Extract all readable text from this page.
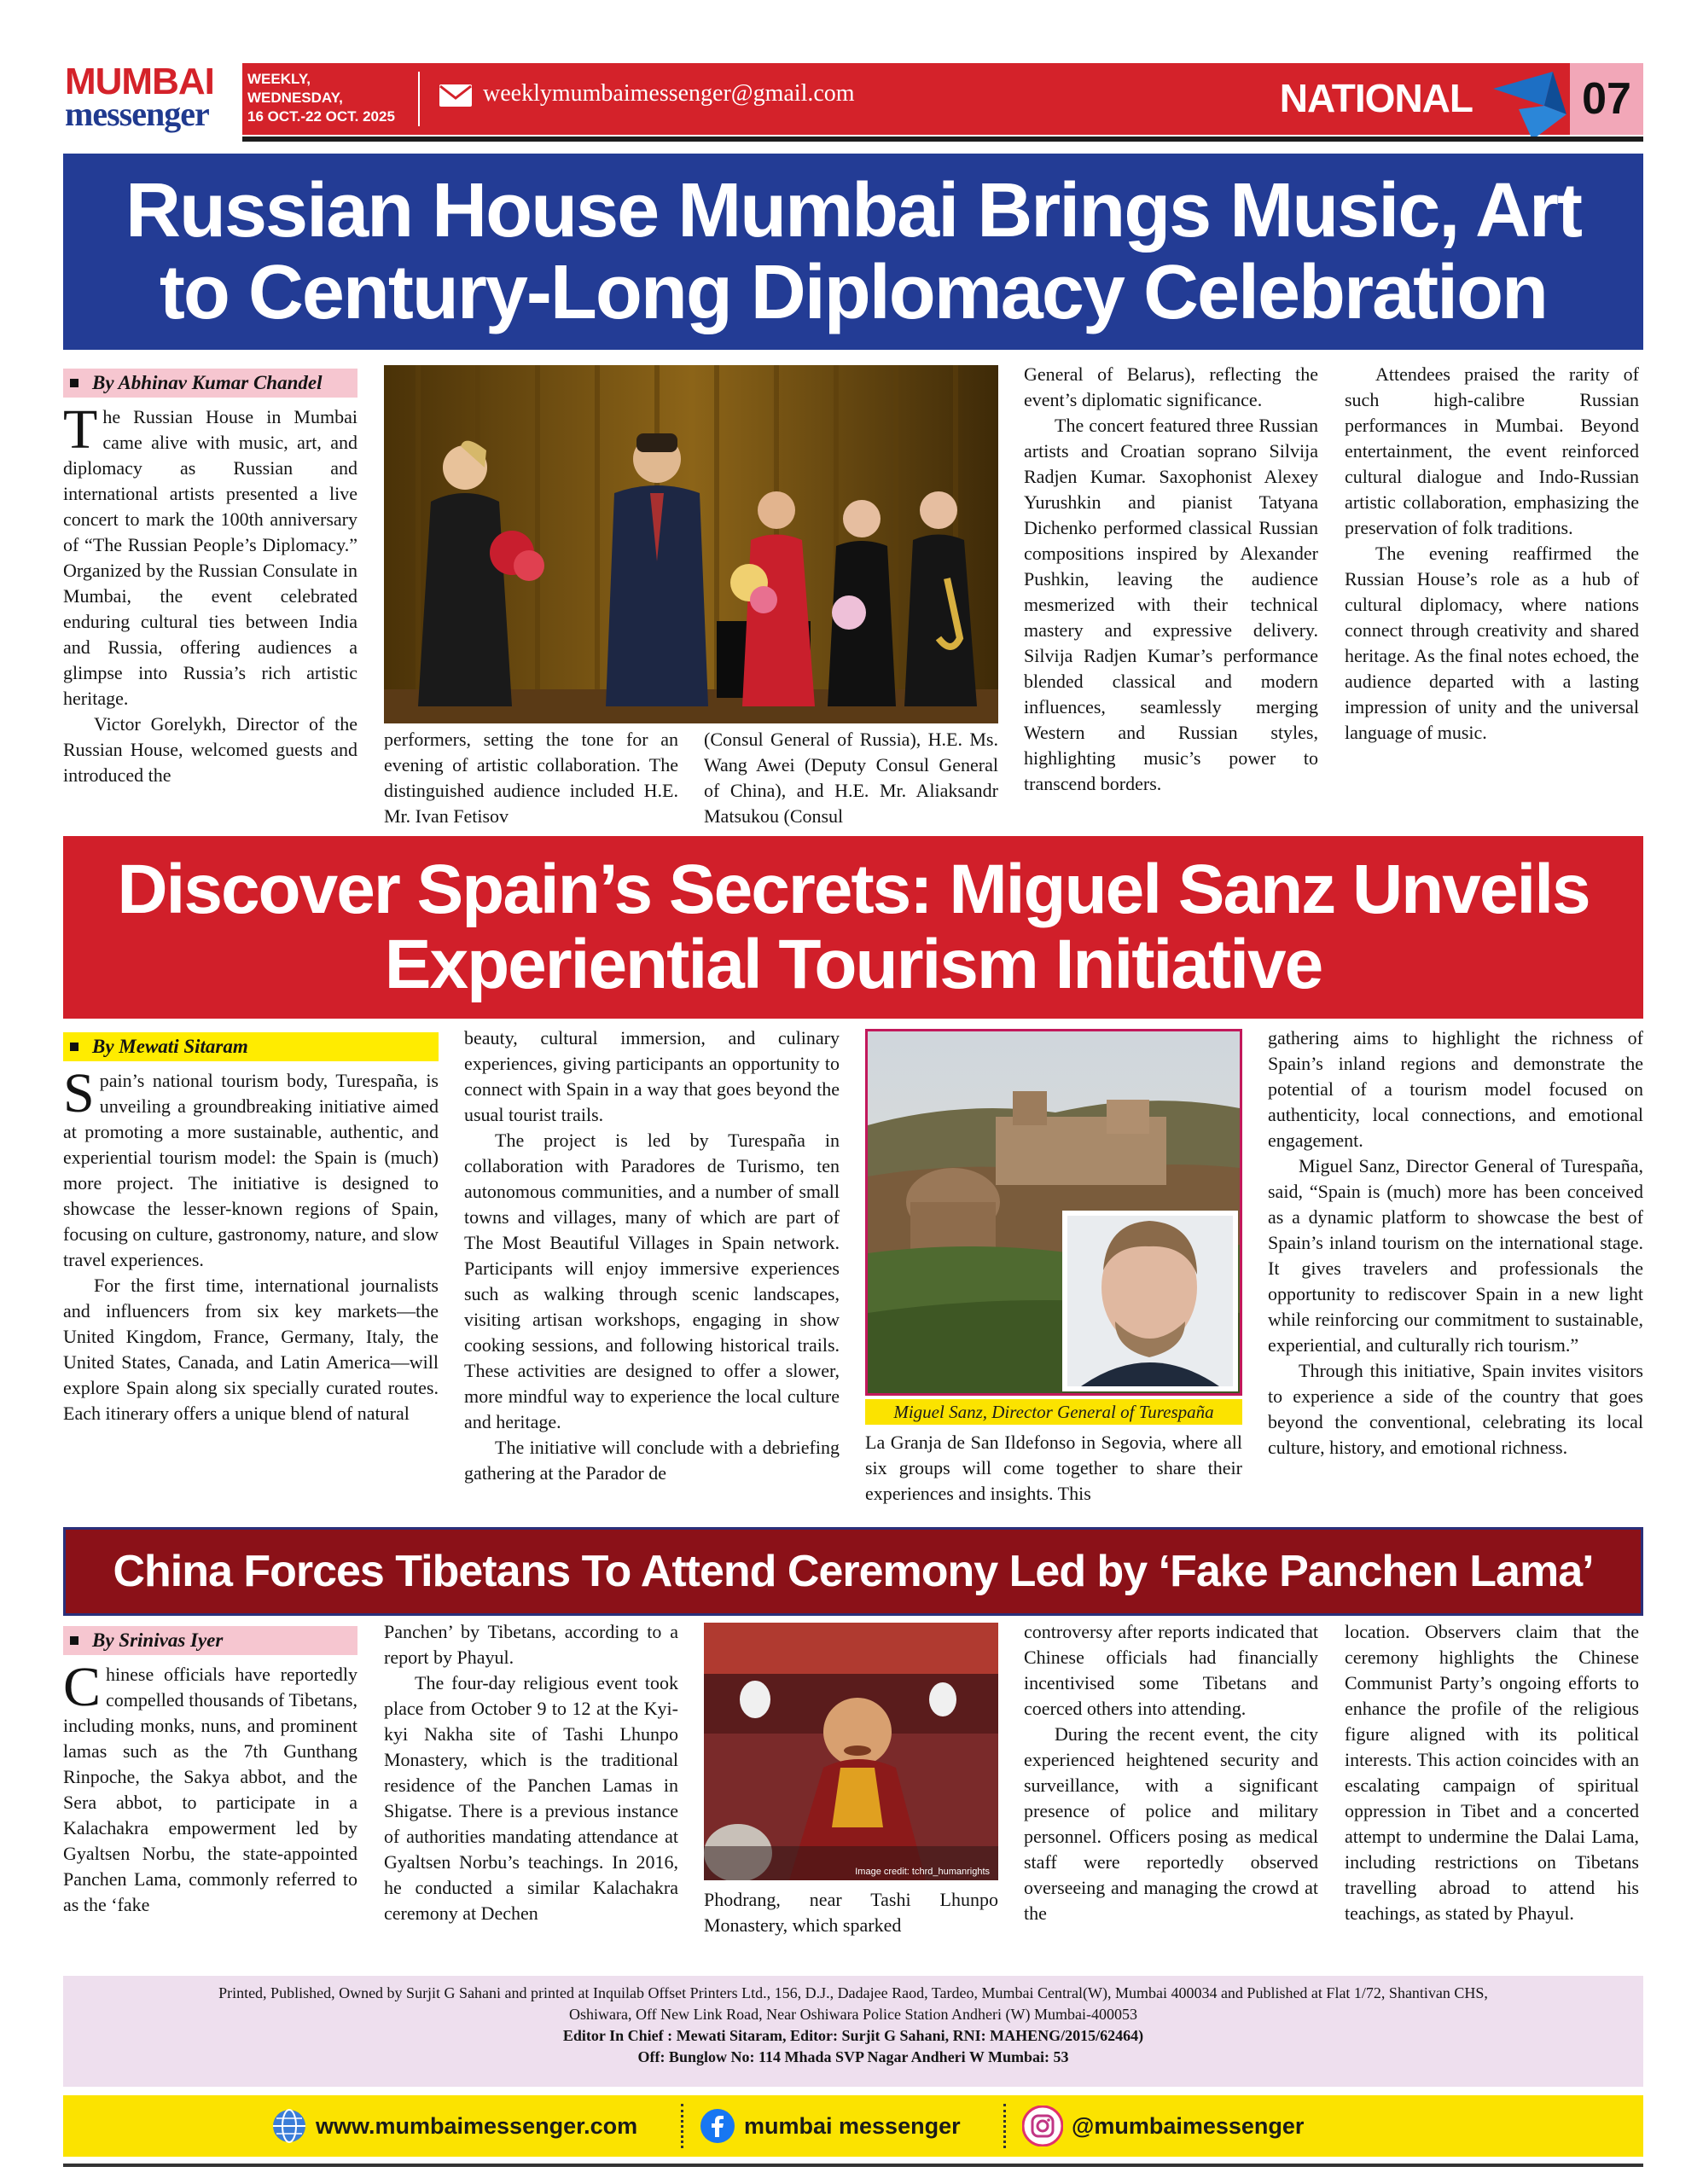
MUMBAI
messenger
WEEKLY, WEDNESDAY,
16 OCT.-22 OCT. 2025
weeklymumbaimessenger@gmail.com	NATIONAL 07
Russian House Mumbai Brings Music, Art
to Century-Long Diplomacy Celebration
By Abhinav Kumar Chandel

The Russian House in Mumbai came alive with music, art, and diplomacy as Russian and international artists presented a live concert to mark the 100th anniversary of “The Russian People’s Diplomacy.” Organized by the Russian Consulate in Mumbai, the event celebrated enduring cultural ties between India and Russia, offering audiences a glimpse into Russia’s rich artistic heritage.

Victor Gorelykh, Director of the Russian House, welcomed guests and introduced the

performers, setting the tone for an evening of artistic collaboration. The distinguished audience included H.E. Mr. Ivan Fetisov

(Consul General of Russia), H.E. Ms. Wang Awei (Deputy Consul General of China), and H.E. Mr. Aliaksandr Matsukou (Consul

General of Belarus), reflecting the event’s diplomatic significance.

The concert featured three Russian artists and Croatian soprano Silvija Radjen Kumar. Saxophonist Alexey Yurushkin and pianist Tatyana Dichenko performed classical Russian compositions inspired by Alexander Pushkin, leaving the audience mesmerized with their technical mastery and expressive delivery. Silvija Radjen Kumar’s performance blended classical and modern influences, seamlessly merging Western and Russian styles, highlighting music’s power to transcend borders.

Attendees praised the rarity of such high-calibre Russian performances in Mumbai. Beyond entertainment, the event reinforced cultural dialogue and Indo-Russian artistic collaboration, emphasizing the preservation of folk traditions.

The evening reaffirmed the Russian House’s role as a hub of cultural diplomacy, where nations connect through creativity and shared heritage. As the final notes echoed, the audience departed with a lasting impression of unity and the universal language of music.

Discover Spain’s Secrets: Miguel Sanz Unveils
Experiential Tourism Initiative
By Mewati Sitaram

Spain’s national tourism body, Turespaña, is unveiling a groundbreaking initiative aimed at promoting a more sustainable, authentic, and experiential tourism model: the Spain is (much) more project. The initiative is designed to showcase the lesser-known regions of Spain, focusing on culture, gastronomy, nature, and slow travel experiences.

For the first time, international journalists and influencers from six key markets—the United Kingdom, France, Germany, Italy, the United States, Canada, and Latin America—will explore Spain along six specially curated routes. Each itinerary offers a unique blend of natural

beauty, cultural immersion, and culinary experiences, giving participants an opportunity to connect with Spain in a way that goes beyond the usual tourist trails.

The project is led by Turespaña in collaboration with Paradores de Turismo, ten autonomous communities, and a number of small towns and villages, many of which are part of The Most Beautiful Villages in Spain network. Participants will enjoy immersive experiences such as walking through scenic landscapes, visiting artisan workshops, engaging in show cooking sessions, and following historical trails. These activities are designed to offer a slower, more mindful way to experience the local culture and heritage.

The initiative will conclude with a debriefing gathering at the Parador de

Miguel Sanz, Director General of Turespaña

La Granja de San Ildefonso in Segovia, where all six groups will come together to share their experiences and insights. This

gathering aims to highlight the richness of Spain’s inland regions and demonstrate the potential of a tourism model focused on authenticity, local connections, and emotional engagement.

Miguel Sanz, Director General of Turespaña, said, “Spain is (much) more has been conceived as a dynamic platform to showcase the best of Spain’s inland tourism on the international stage. It gives travelers and professionals the opportunity to rediscover Spain in a new light while reinforcing our commitment to sustainable, experiential, and culturally rich tourism.”

Through this initiative, Spain invites visitors to experience a side of the country that goes beyond the conventional, celebrating its local culture, history, and emotional richness.

China Forces Tibetans To Attend Ceremony Led by ‘Fake Panchen Lama’
By Srinivas Iyer

Chinese officials have reportedly compelled thousands of Tibetans, including monks, nuns, and prominent lamas such as the 7th Gunthang Rinpoche, the Sakya abbot, and the Sera abbot, to participate in a Kalachakra empowerment led by Gyaltsen Norbu, the state-appointed Panchen Lama, commonly referred to as the ‘fake

Panchen’ by Tibetans, according to a report by Phayul.

The four-day religious event took place from October 9 to 12 at the Kyi-kyi Nakha site of Tashi Lhunpo Monastery, which is the traditional residence of the Panchen Lamas in Shigatse. There is a previous instance of authorities mandating attendance at Gyaltsen Norbu’s teachings. In 2016, he conducted a similar Kalachakra ceremony at Dechen

Image credit: tchrd_humanrights

Phodrang, near Tashi Lhunpo Monastery, which sparked

controversy after reports indicated that Chinese officials had financially incentivised some Tibetans and coerced others into attending.

During the recent event, the city experienced heightened security and surveillance, with a significant presence of police and military personnel. Officers posing as medical staff were reportedly observed overseeing and managing the crowd at the

location. Observers claim that the ceremony highlights the Chinese Communist Party’s ongoing efforts to enhance the profile of the religious figure aligned with its political interests. This action coincides with an escalating campaign of spiritual oppression in Tibet and a concerted attempt to undermine the Dalai Lama, including restrictions on Tibetans travelling abroad to attend his teachings, as stated by Phayul.

Printed, Published, Owned by Surjit G Sahani and printed at Inquilab Offset Printers Ltd., 156, D.J., Dadajee Raod, Tardeo, Mumbai Central(W), Mumbai 400034 and Published at Flat 1/72, Shantivan CHS,
Oshiwara, Off New Link Road, Near Oshiwara Police Station Andheri (W) Mumbai-400053
Editor In Chief : Mewati Sitaram, Editor: Surjit G Sahani, RNI: MAHENG/2015/62464)
Off: Bunglow No: 114 Mhada SVP Nagar Andheri W Mumbai: 53
www.mumbaimessenger.com	mumbai messenger	@mumbaimessenger
